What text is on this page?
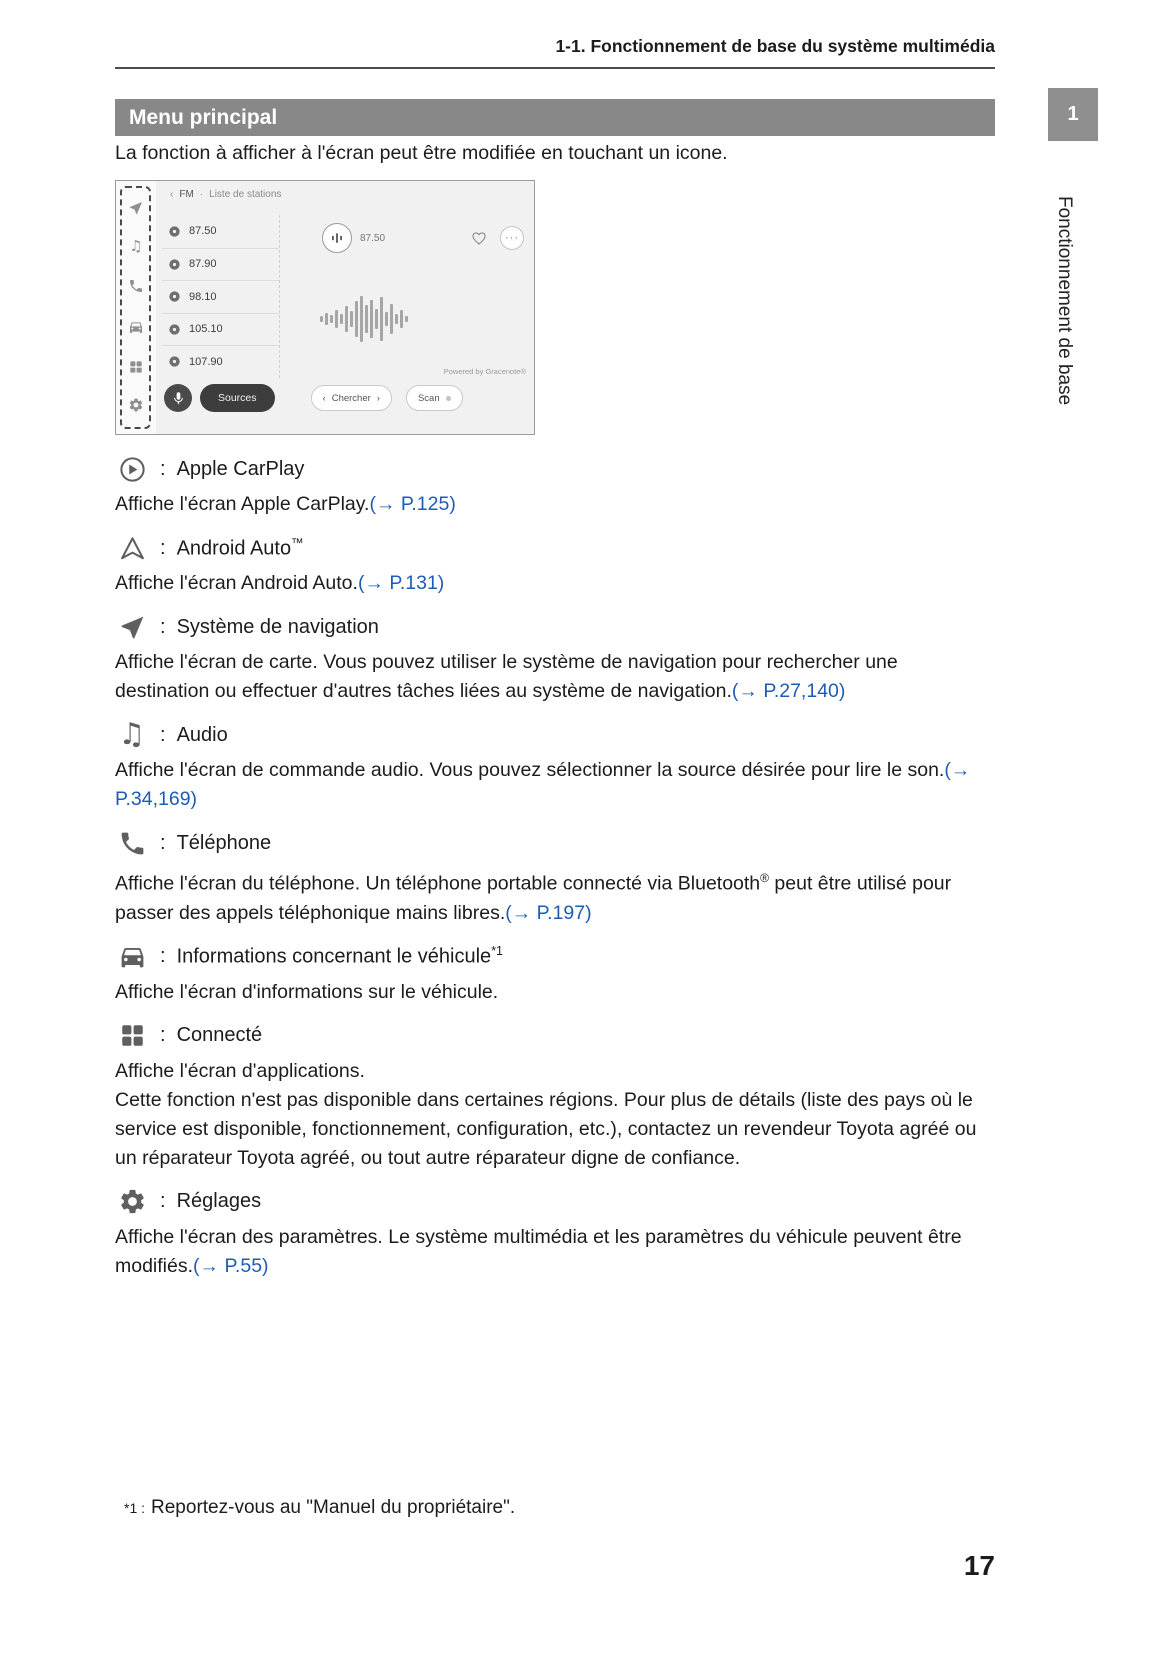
1-1. Fonctionnement de base du système multimédia
1
Fonctionnement de base
Menu principal

La fonction à afficher à l'écran peut être modifiée en touchant un icone.

♫
‹ FM · Liste de stations
87.50
87.90
98.10
105.10
107.90
87.50	···
Powered by Gracenote®
Sources	‹ Chercher ›	Scan
: Apple CarPlay

Affiche l'écran Apple CarPlay.(→ P.125)

: Android Auto™

Affiche l'écran Android Auto.(→ P.131)

: Système de navigation

Affiche l'écran de carte. Vous pouvez utiliser le système de navigation pour rechercher une destination ou effectuer d'autres tâches liées au système de navigation.(→ P.27,140)

♫ : Audio

Affiche l'écran de commande audio. Vous pouvez sélectionner la source désirée pour lire le son.(→ P.34,169)

: Téléphone

Affiche l'écran du téléphone. Un téléphone portable connecté via Bluetooth® peut être utilisé pour passer des appels téléphonique mains libres.(→ P.197)

: Informations concernant le véhicule$^{*1}$

Affiche l'écran d'informations sur le véhicule.

: Connecté

Affiche l'écran d'applications.

Cette fonction n'est pas disponible dans certaines régions. Pour plus de détails (liste des pays où le service est disponible, fonctionnement, configuration, etc.), contactez un revendeur Toyota agréé ou un réparateur Toyota agréé, ou tout autre réparateur digne de confiance.

: Réglages

Affiche l'écran des paramètres. Le système multimédia et les paramètres du véhicule peuvent être modifiés.(→ P.55)

*1 : Reportez-vous au "Manuel du propriétaire".

17
